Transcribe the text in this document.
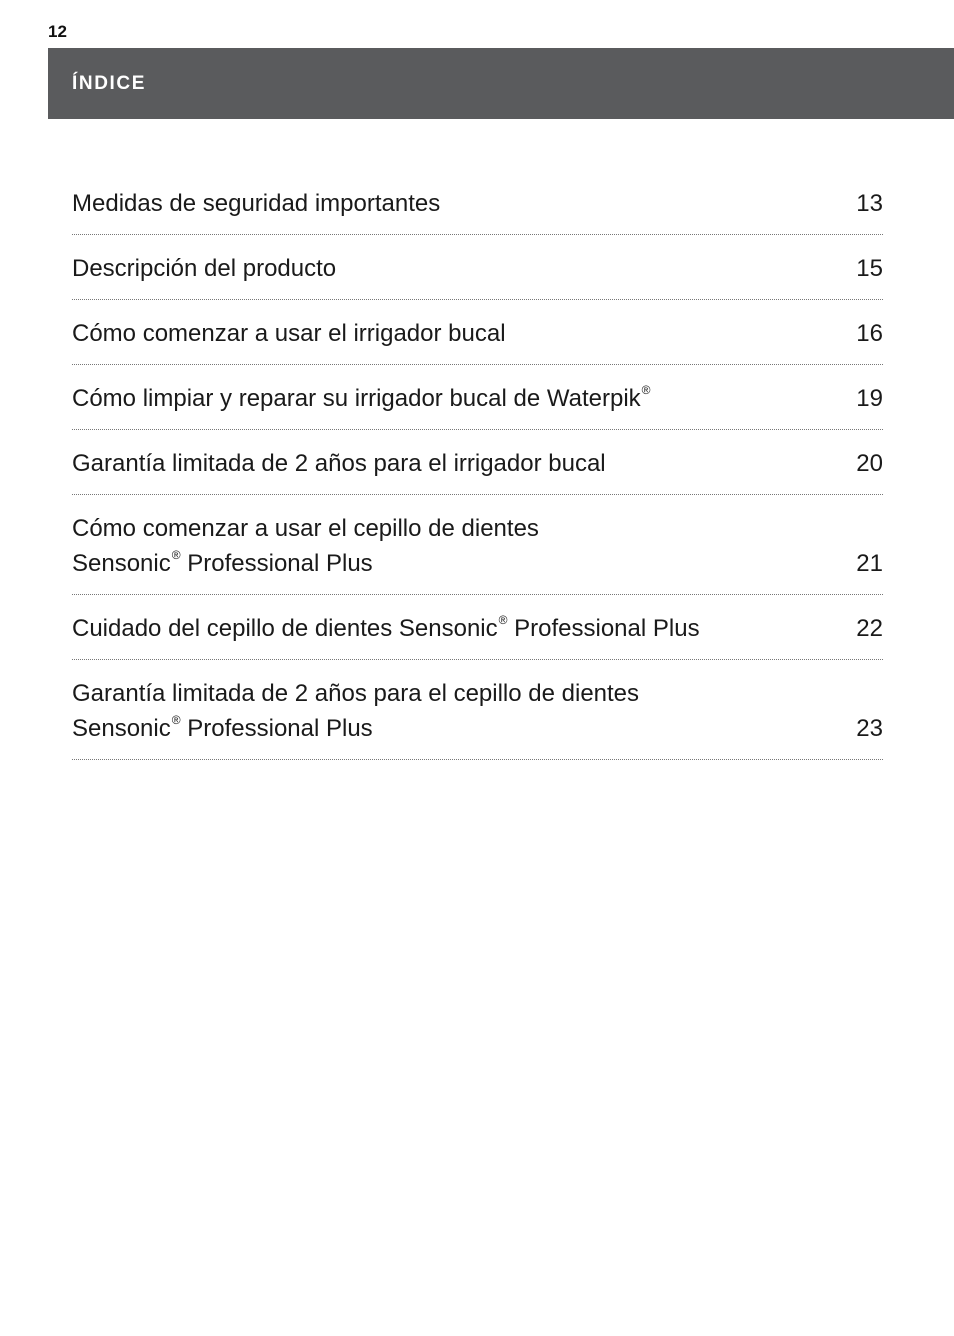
12
ÍNDICE
Medidas de seguridad importantes	13
Descripción del producto	15
Cómo comenzar a usar el irrigador bucal	16
Cómo limpiar y reparar su irrigador bucal de Waterpik®	19
Garantía limitada de 2 años para el irrigador bucal	20
Cómo comenzar a usar el cepillo de dientes
Sensonic® Professional Plus	21
Cuidado del cepillo de dientes Sensonic® Professional Plus	22
Garantía limitada de 2 años para el cepillo de dientes
Sensonic® Professional Plus	23
